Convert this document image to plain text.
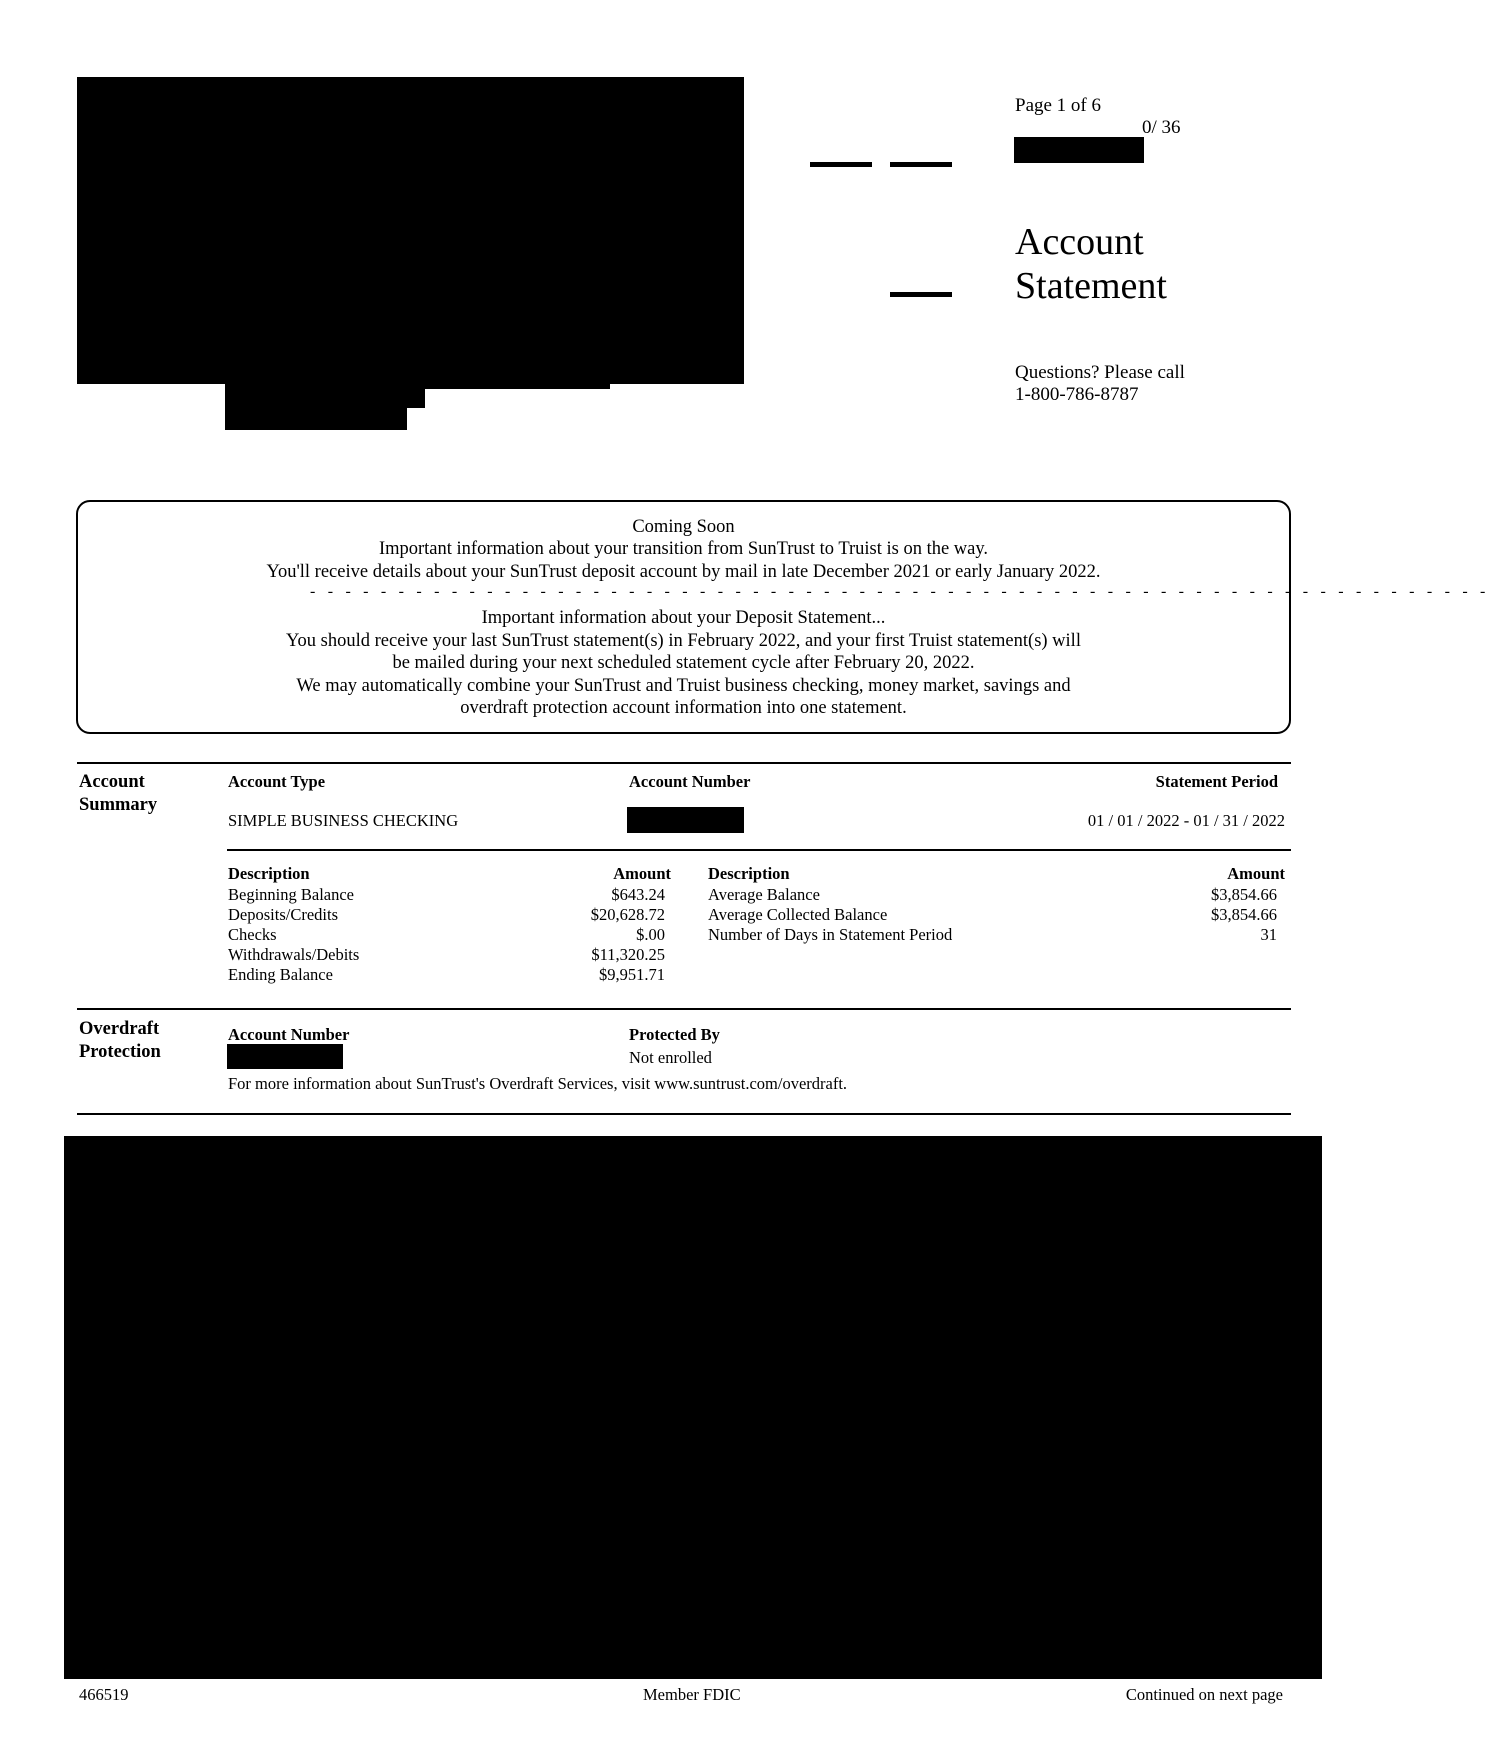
Page 1 of 6
0/ 36
Account
Statement
Questions? Please call
1-800-786-8787
Coming Soon
Important information about your transition from SunTrust to Truist is on the way.
You'll receive details about your SunTrust deposit account by mail in late December 2021 or early January 2022.
- - - - - - - - - - - - - - - - - - - - - - - - - - - - - - - - - - - - - - - - - - - - - - - - - - - - - - - - - - - - - - - - - - -
Important information about your Deposit Statement...
You should receive your last SunTrust statement(s) in February 2022, and your first Truist statement(s) will
be mailed during your next scheduled statement cycle after February 20, 2022.
We may automatically combine your SunTrust and Truist business checking, money market, savings and
overdraft protection account information into one statement.
Account
Summary
Account Type	Account Number	Statement Period
SIMPLE BUSINESS CHECKING	01 / 01 / 2022 - 01 / 31 / 2022
Description	Amount
Beginning Balance	$643.24
Deposits/Credits	$20,628.72
Checks	$.00
Withdrawals/Debits	$11,320.25
Ending Balance	$9,951.71
Description	Amount
Average Balance	$3,854.66
Average Collected Balance	$3,854.66
Number of Days in Statement Period	31
Overdraft
Protection
Account Number	Protected By
Not enrolled
For more information about SunTrust's Overdraft Services, visit www.suntrust.com/overdraft.
466519	Member FDIC	Continued on next page
